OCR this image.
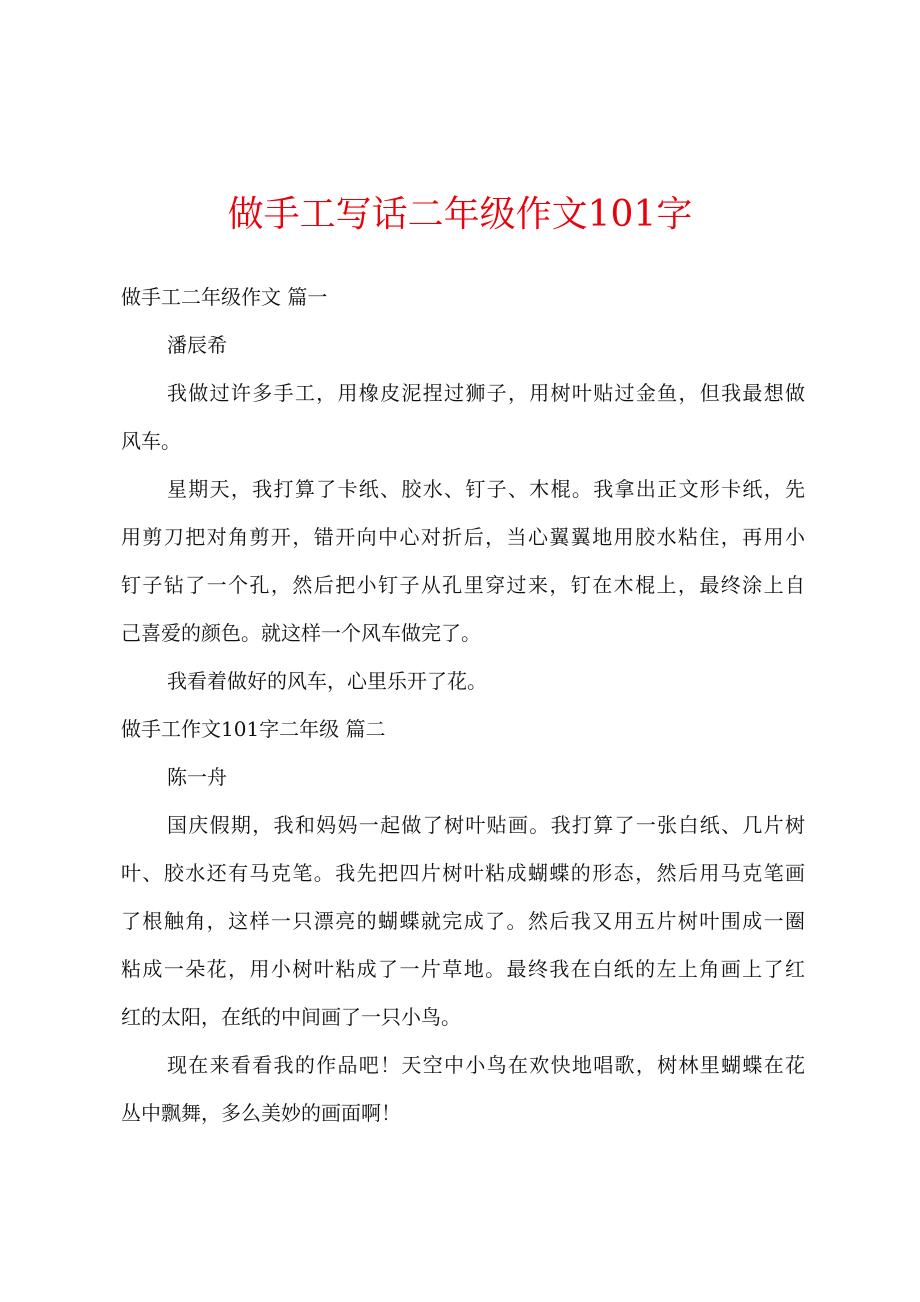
做手工写话二年级作文101字
做手工二年级作文 篇一
潘辰希
我做过许多手工，用橡皮泥捏过狮子，用树叶贴过金鱼，但我最想做
风车。
星期天，我打算了卡纸、胶水、钉子、木棍。我拿出正文形卡纸，先
用剪刀把对角剪开，错开向中心对折后，当心翼翼地用胶水粘住，再用小
钉子钻了一个孔，然后把小钉子从孔里穿过来，钉在木棍上，最终涂上自
己喜爱的颜色。就这样一个风车做完了。
我看着做好的风车，心里乐开了花。
做手工作文101字二年级 篇二
陈一舟
国庆假期，我和妈妈一起做了树叶贴画。我打算了一张白纸、几片树
叶、胶水还有马克笔。我先把四片树叶粘成蝴蝶的形态，然后用马克笔画
了根触角，这样一只漂亮的蝴蝶就完成了。然后我又用五片树叶围成一圈
粘成一朵花，用小树叶粘成了一片草地。最终我在白纸的左上角画上了红
红的太阳，在纸的中间画了一只小鸟。
现在来看看我的作品吧！天空中小鸟在欢快地唱歌，树林里蝴蝶在花
丛中飘舞，多么美妙的画面啊！
